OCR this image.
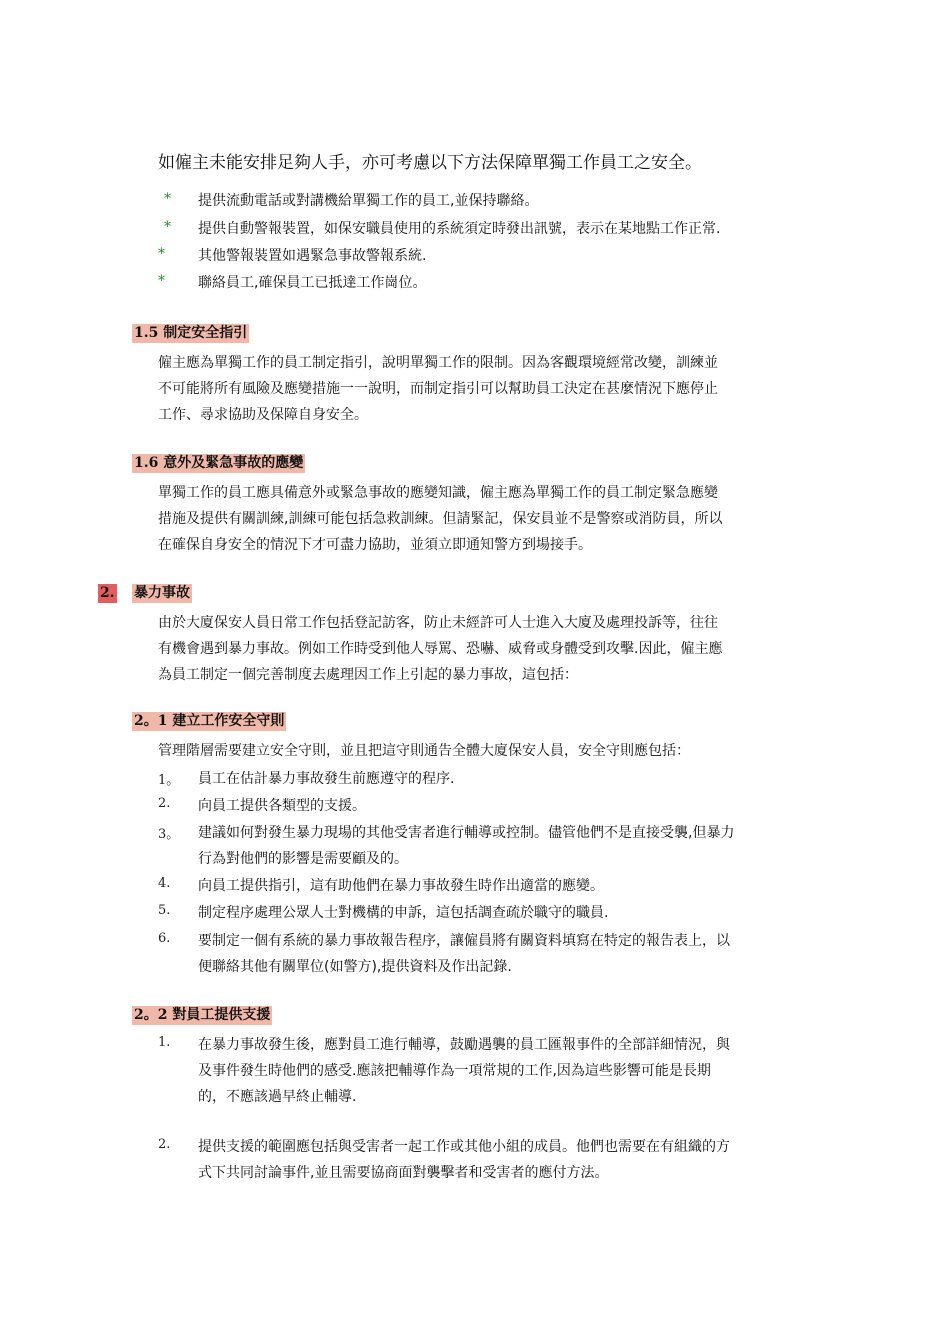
如僱主未能安排足夠人手，亦可考慮以下方法保障單獨工作員工之安全。
* 提供流動電話或對講機給單獨工作的員工,並保持聯絡。
* 提供自動警報裝置，如保安職員使用的系統須定時發出訊號，表示在某地點工作正常.
* 其他警報裝置如遇緊急事故警報系統.
* 聯絡員工,確保員工已抵達工作崗位。
1.5 制定安全指引
僱主應為單獨工作的員工制定指引，說明單獨工作的限制。因為客觀環境經常改變，訓練並
不可能將所有風險及應變措施一一說明，而制定指引可以幫助員工決定在甚麼情況下應停止
工作、尋求協助及保障自身安全。
1.6 意外及緊急事故的應變
單獨工作的員工應具備意外或緊急事故的應變知識，僱主應為單獨工作的員工制定緊急應變
措施及提供有關訓練,訓練可能包括急救訓練。但請緊記，保安員並不是警察或消防員，所以
在確保自身安全的情況下才可盡力協助，並須立即通知警方到場接手。
2. 暴力事故
由於大廈保安人員日常工作包括登記訪客，防止未經許可人士進入大廈及處理投訴等，往往
有機會遇到暴力事故。例如工作時受到他人辱罵、恐嚇、威脅或身體受到攻擊.因此，僱主應
為員工制定一個完善制度去處理因工作上引起的暴力事故，這包括：
2。1 建立工作安全守則
管理階層需要建立安全守則，並且把這守則通告全體大廈保安人員，安全守則應包括：
1。 員工在估計暴力事故發生前應遵守的程序.
2. 向員工提供各類型的支援。
3。 建議如何對發生暴力現場的其他受害者進行輔導或控制。儘管他們不是直接受襲,但暴力
行為對他們的影響是需要顧及的。
4. 向員工提供指引，這有助他們在暴力事故發生時作出適當的應變。
5. 制定程序處理公眾人士對機構的申訴，這包括調查疏於職守的職員.
6. 要制定一個有系統的暴力事故報告程序，讓僱員將有關資料填寫在特定的報告表上，以
便聯絡其他有關單位(如警方),提供資料及作出記錄.
2。2 對員工提供支援
1. 在暴力事故發生後，應對員工進行輔導，鼓勵遇襲的員工匯報事件的全部詳細情況，與
及事件發生時他們的感受.應該把輔導作為一項常規的工作,因為這些影響可能是長期
的，不應該過早終止輔導.
2. 提供支援的範圍應包括與受害者一起工作或其他小組的成員。他們也需要在有組織的方
式下共同討論事件,並且需要協商面對襲擊者和受害者的應付方法。
